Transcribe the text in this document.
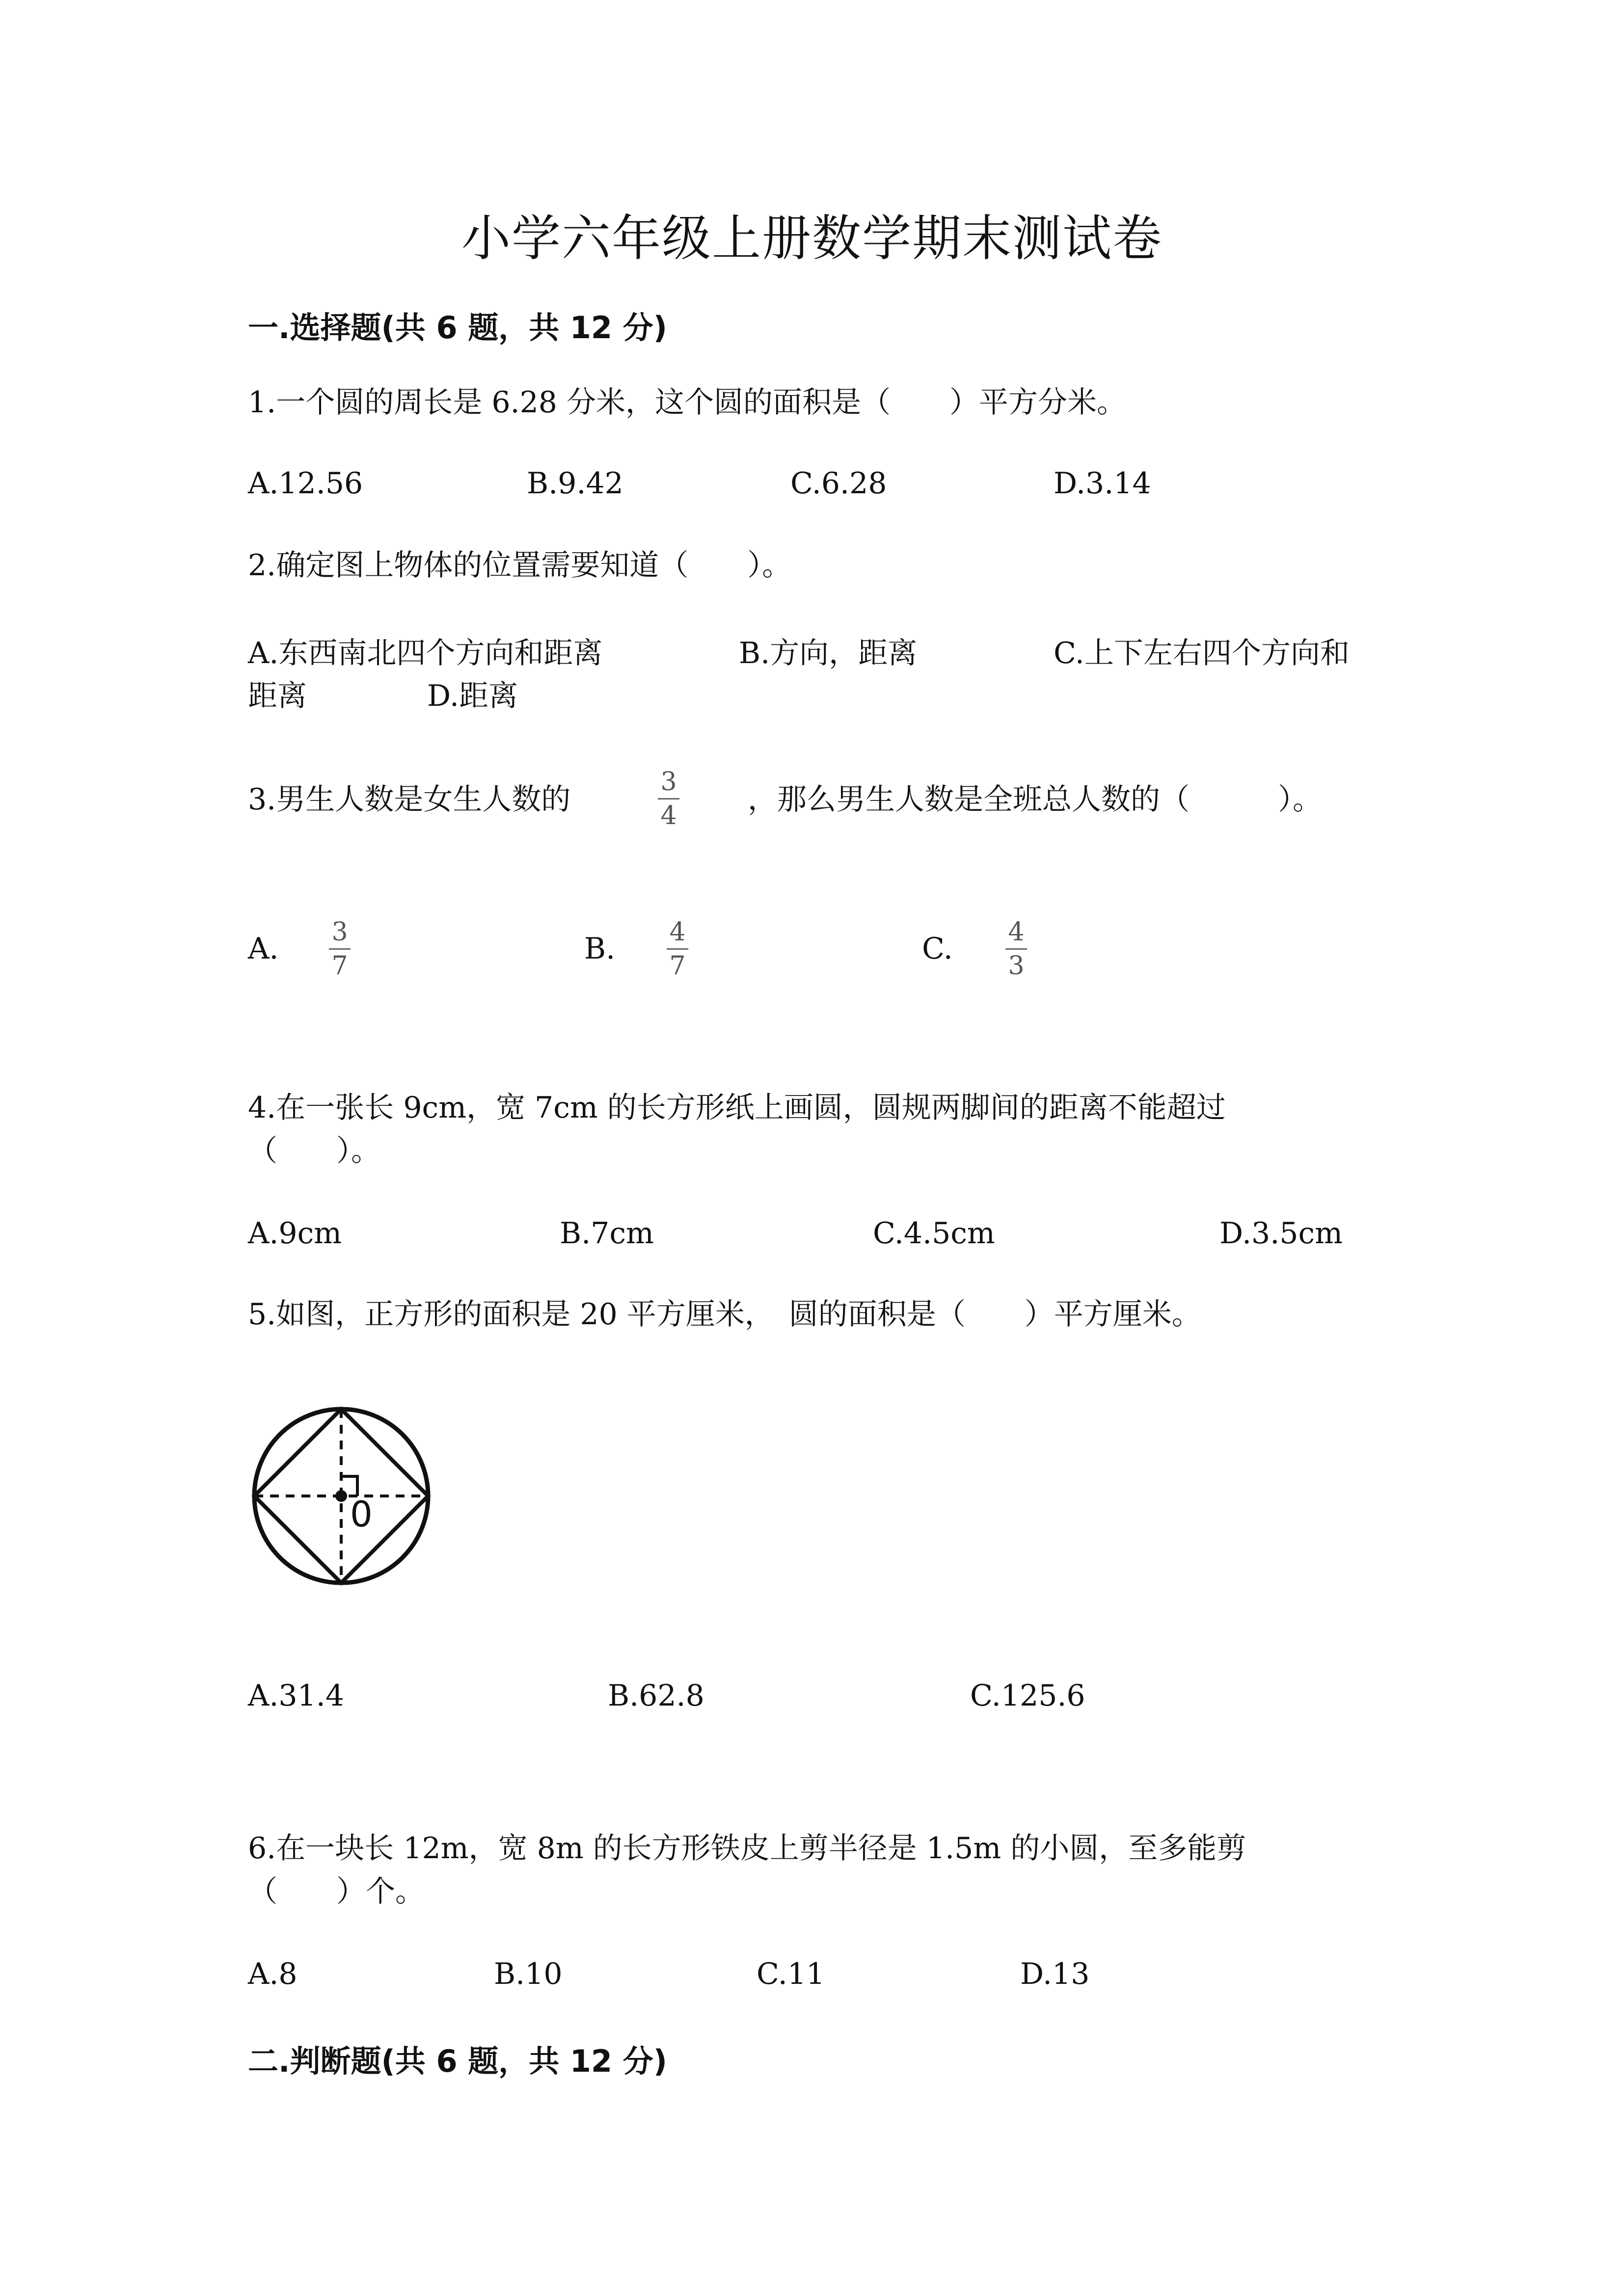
小学六年级上册数学期末测试卷
一.选择题(共 6 题，共 12 分)
1.一个圆的周长是 6.28 分米，这个圆的面积是（　　）平方分米。
A.12.56	B.9.42	C.6.28	D.3.14
2.确定图上物体的位置需要知道（　　）。
A.东西南北四个方向和距离	B.方向，距离	C.上下左右四个方向和
距离	D.距离
3.男生人数是女生人数的
3
4 ，那么男生人数是全班总人数的（　　　）。
A. 3
7	B. 4
7	C. 4
3
4.在一张长 9cm，宽 7cm 的长方形纸上画圆，圆规两脚间的距离不能超过
（　　）。
A.9cm	B.7cm	C.4.5cm	D.3.5cm
5.如图，正方形的面积是 20 平方厘米，　圆的面积是（　　）平方厘米。
0
A.31.4	B.62.8	C.125.6
6.在一块长 12m，宽 8m 的长方形铁皮上剪半径是 1.5m 的小圆，至多能剪
（　　）个。
A.8	B.10	C.11	D.13
二.判断题(共 6 题，共 12 分)
